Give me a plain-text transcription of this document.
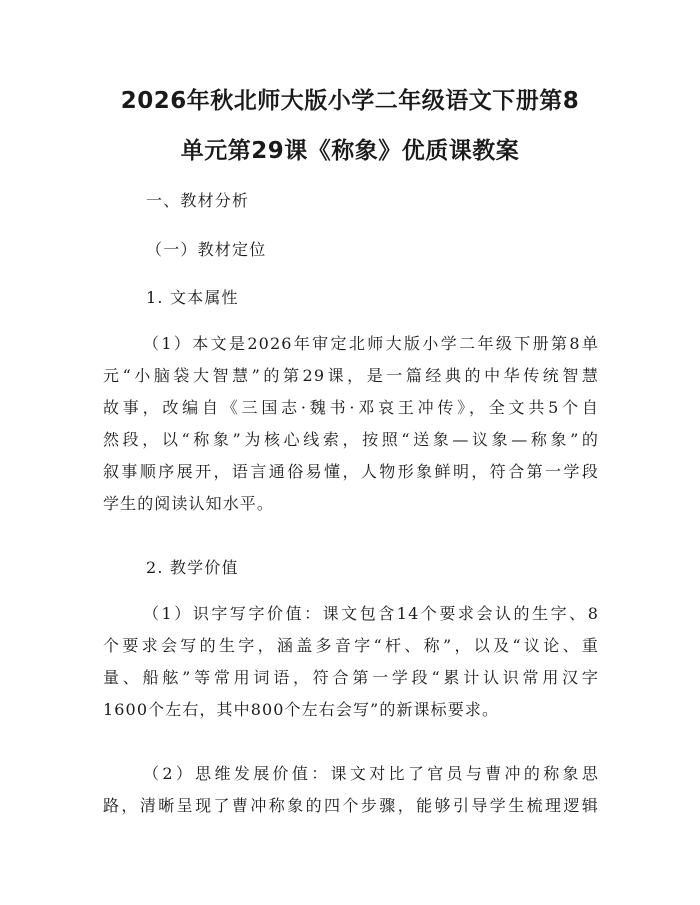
2026年秋北师大版小学二年级语文下册第8
单元第29课《称象》优质课教案

一、教材分析

（一）教材定位

1. 文本属性

（1）本文是2026年审定北师大版小学二年级下册第8单
元“小脑袋大智慧”的第29课，是一篇经典的中华传统智慧
故事，改编自《三国志·魏书·邓哀王冲传》，全文共5个自
然段，以“称象”为核心线索，按照“送象—议象—称象”的
叙事顺序展开，语言通俗易懂，人物形象鲜明，符合第一学段
学生的阅读认知水平。

2. 教学价值

（1）识字写字价值：课文包含14个要求会认的生字、8
个要求会写的生字，涵盖多音字“杆、称”，以及“议论、重
量、船舷”等常用词语，符合第一学段“累计认识常用汉字
1600个左右，其中800个左右会写”的新课标要求。
（2）思维发展价值：课文对比了官员与曹冲的称象思
路，清晰呈现了曹冲称象的四个步骤，能够引导学生梳理逻辑
